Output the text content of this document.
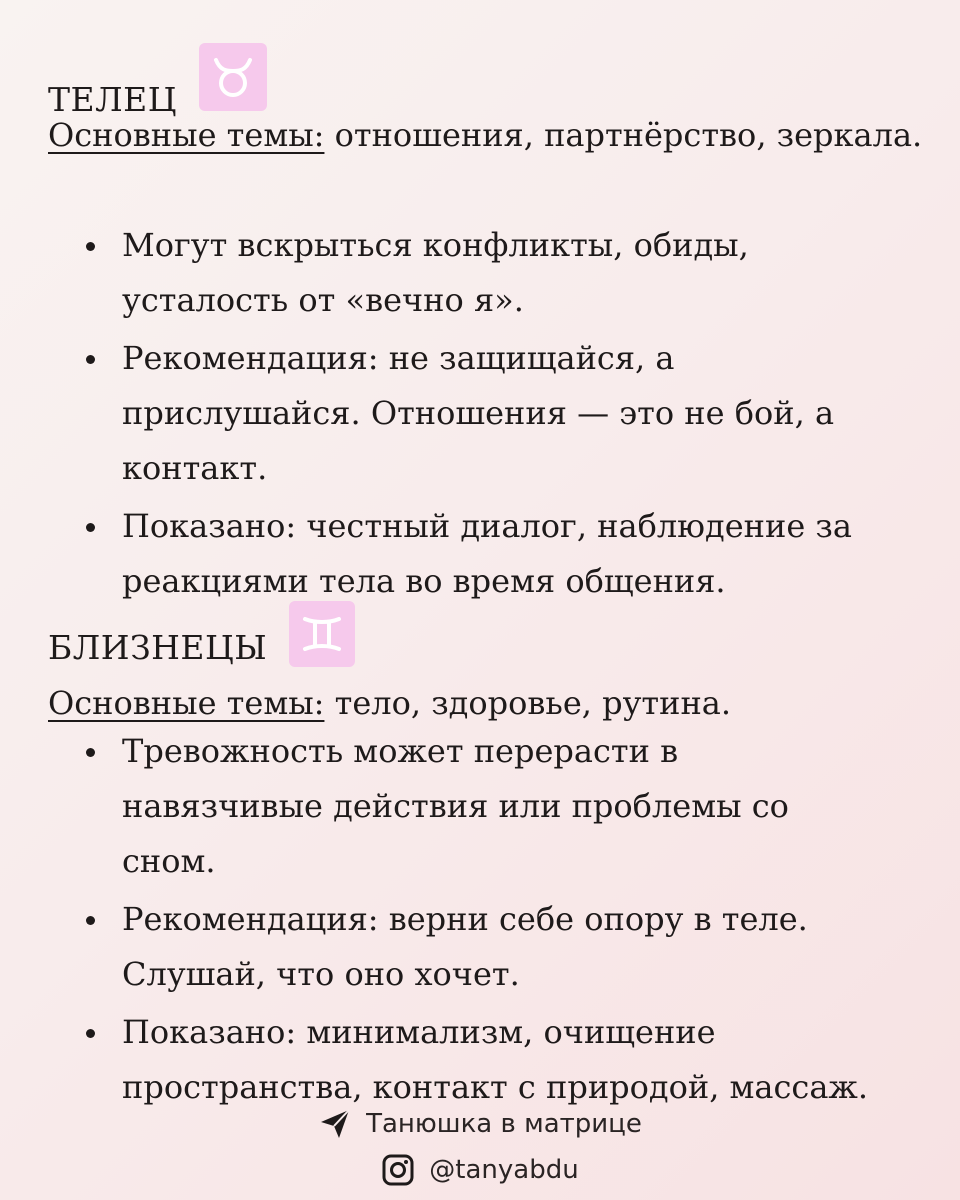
ТЕЛЕЦ
Основные темы: отношения, партнёрство, зеркала.
Могут вскрыться конфликты, обиды, усталость от «вечно я».
Рекомендация: не защищайся, а прислушайся. Отношения — это не бой, а контакт.
Показано: честный диалог, наблюдение за реакциями тела во время общения.
БЛИЗНЕЦЫ
Основные темы: тело, здоровье, рутина.
Тревожность может перерасти в навязчивые действия или проблемы со сном.
Рекомендация: верни себе опору в теле. Слушай, что оно хочет.
Показано: минимализм, очищение пространства, контакт с природой, массаж.
Танюшка в матрице
@tanyabdu
